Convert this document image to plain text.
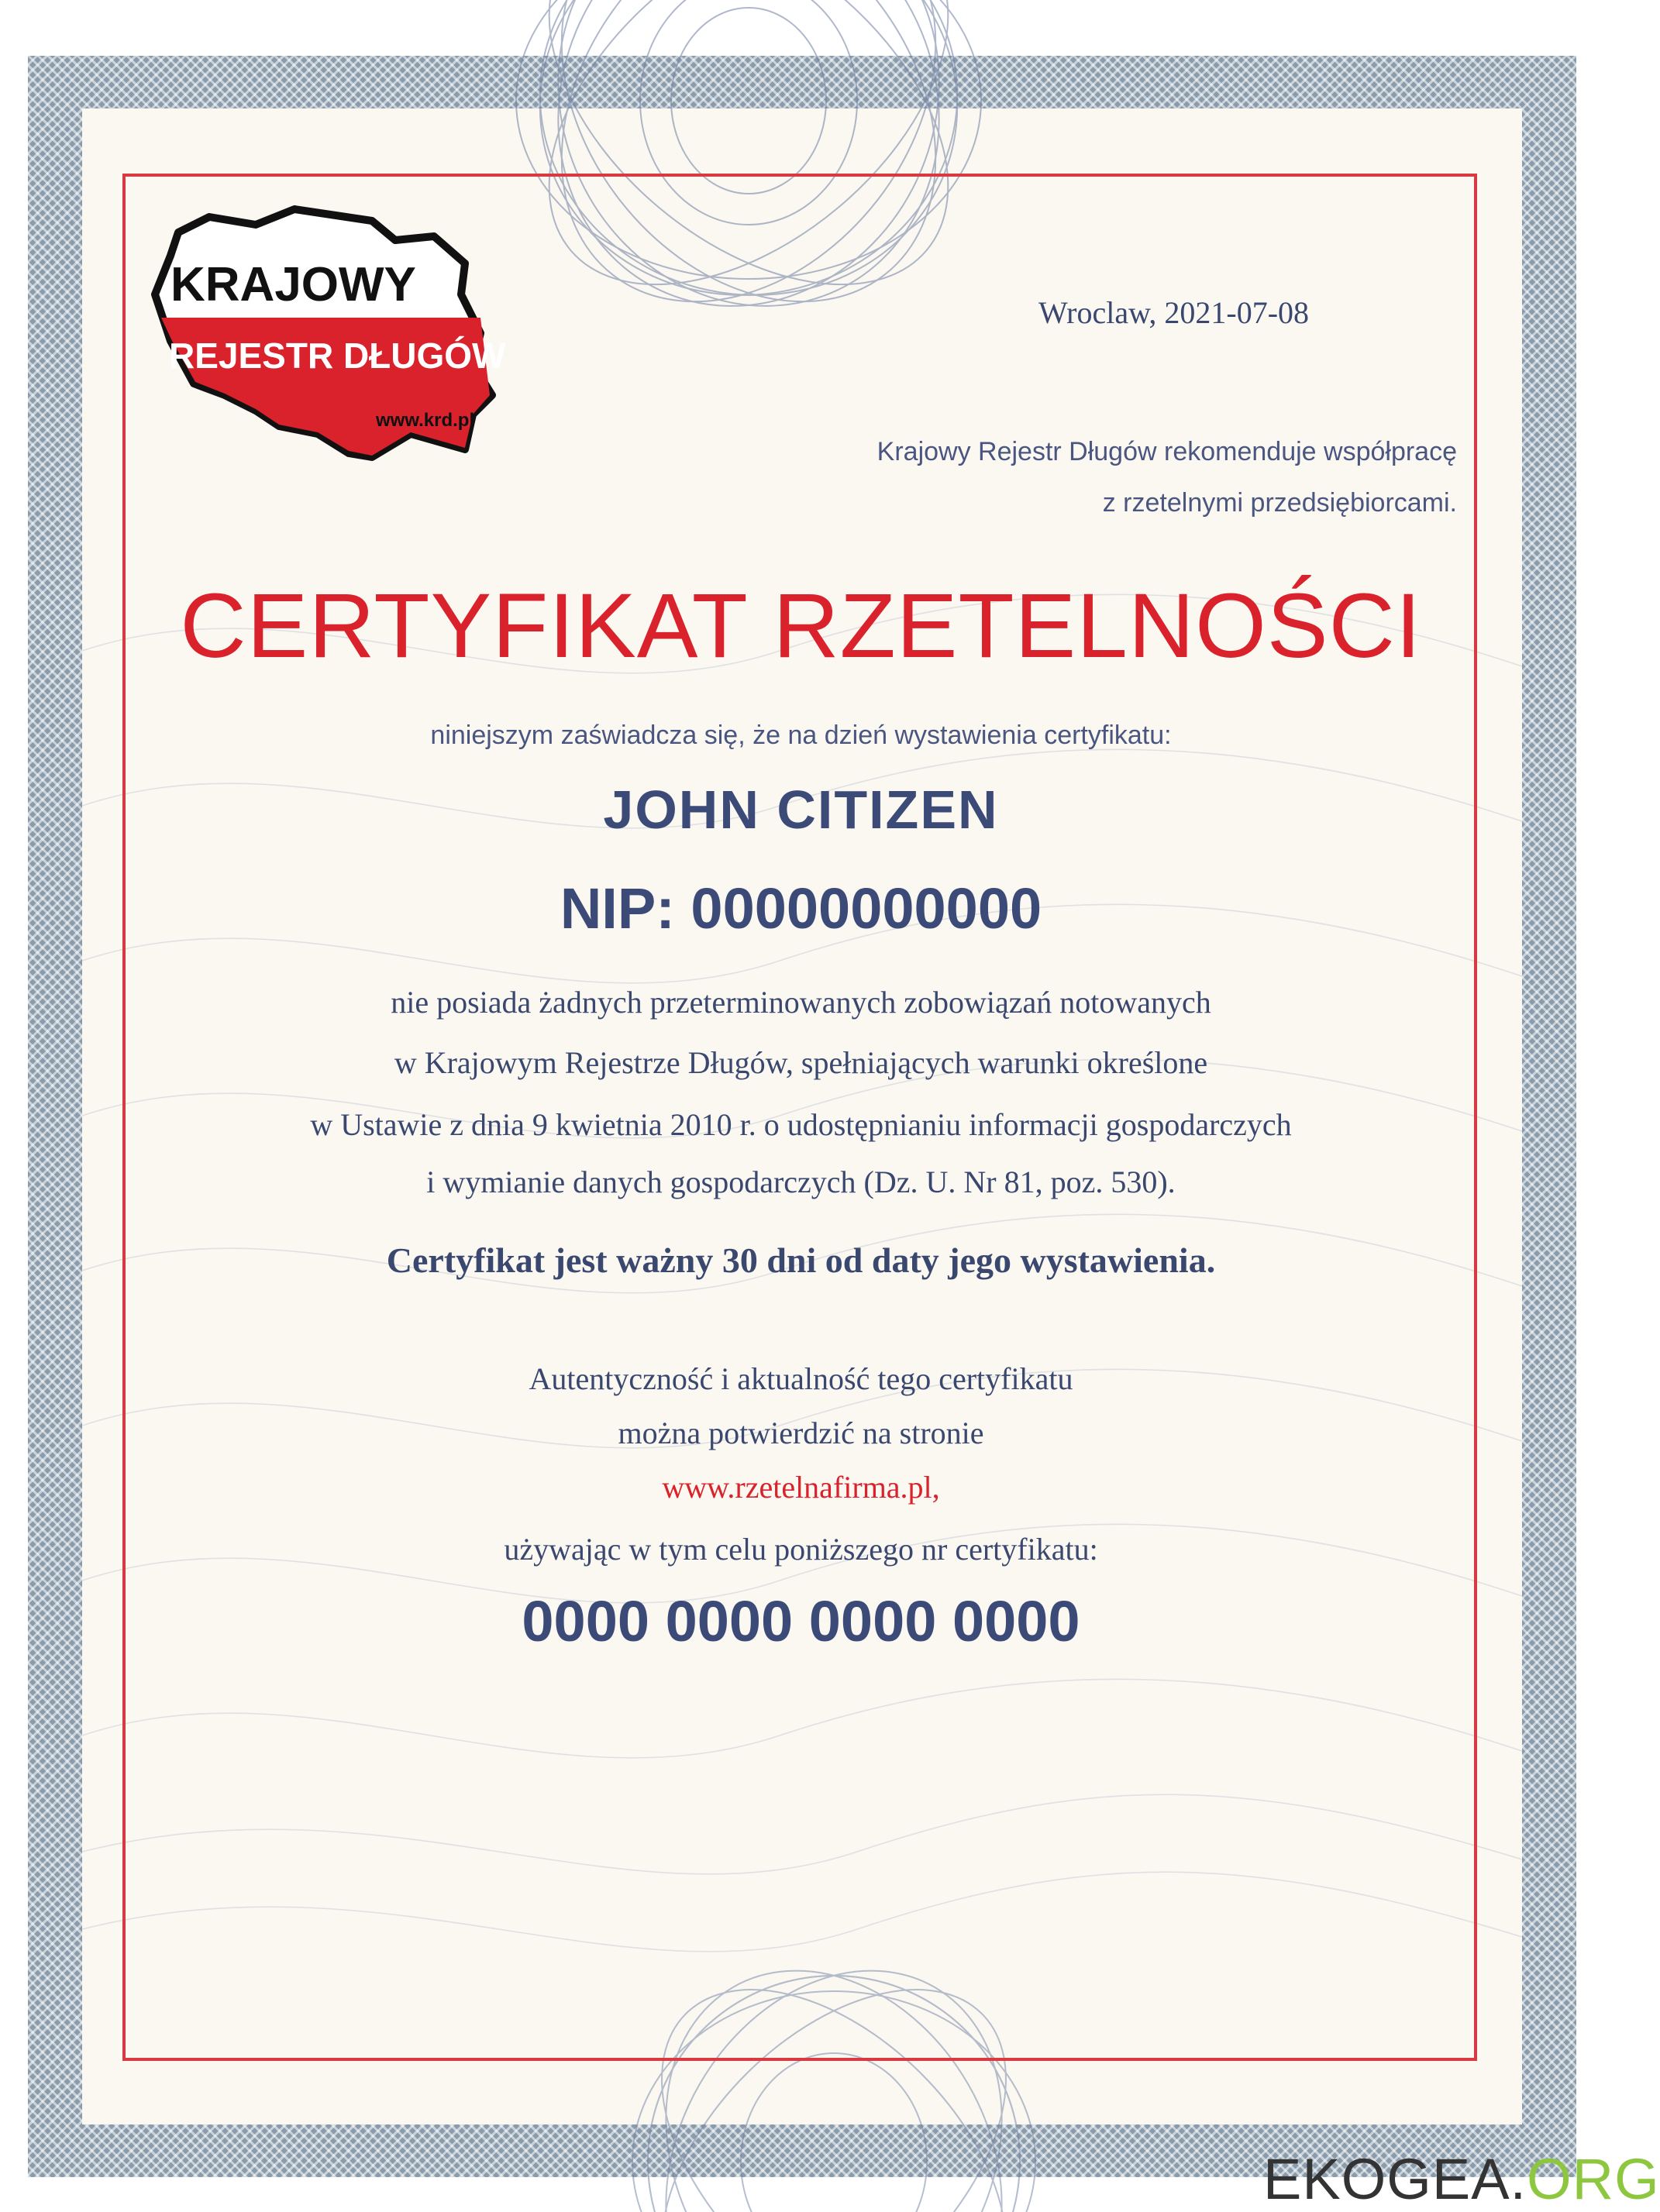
KRAJOWY
REJESTR DŁUGÓW
www.krd.pl

Wroclaw, 2021-07-08

Krajowy Rejestr Długów rekomenduje współpracę
z rzetelnymi przedsiębiorcami.
CERTYFIKAT RZETELNOŚCI

niniejszym zaświadcza się, że na dzień wystawienia certyfikatu:

JOHN CITIZEN

NIP: 00000000000

nie posiada żadnych przeterminowanych zobowiązań notowanych
w Krajowym Rejestrze Długów, spełniających warunki określone
w Ustawie z dnia 9 kwietnia 2010 r. o udostępnianiu informacji gospodarczych
i wymianie danych gospodarczych (Dz. U. Nr 81, poz. 530).

Certyfikat jest ważny 30 dni od daty jego wystawienia.

Autentyczność i aktualność tego certyfikatu
można potwierdzić na stronie
www.rzetelnafirma.pl,
używając w tym celu poniższego nr certyfikatu:

0000 0000 0000 0000

EKOGEA.ORG
